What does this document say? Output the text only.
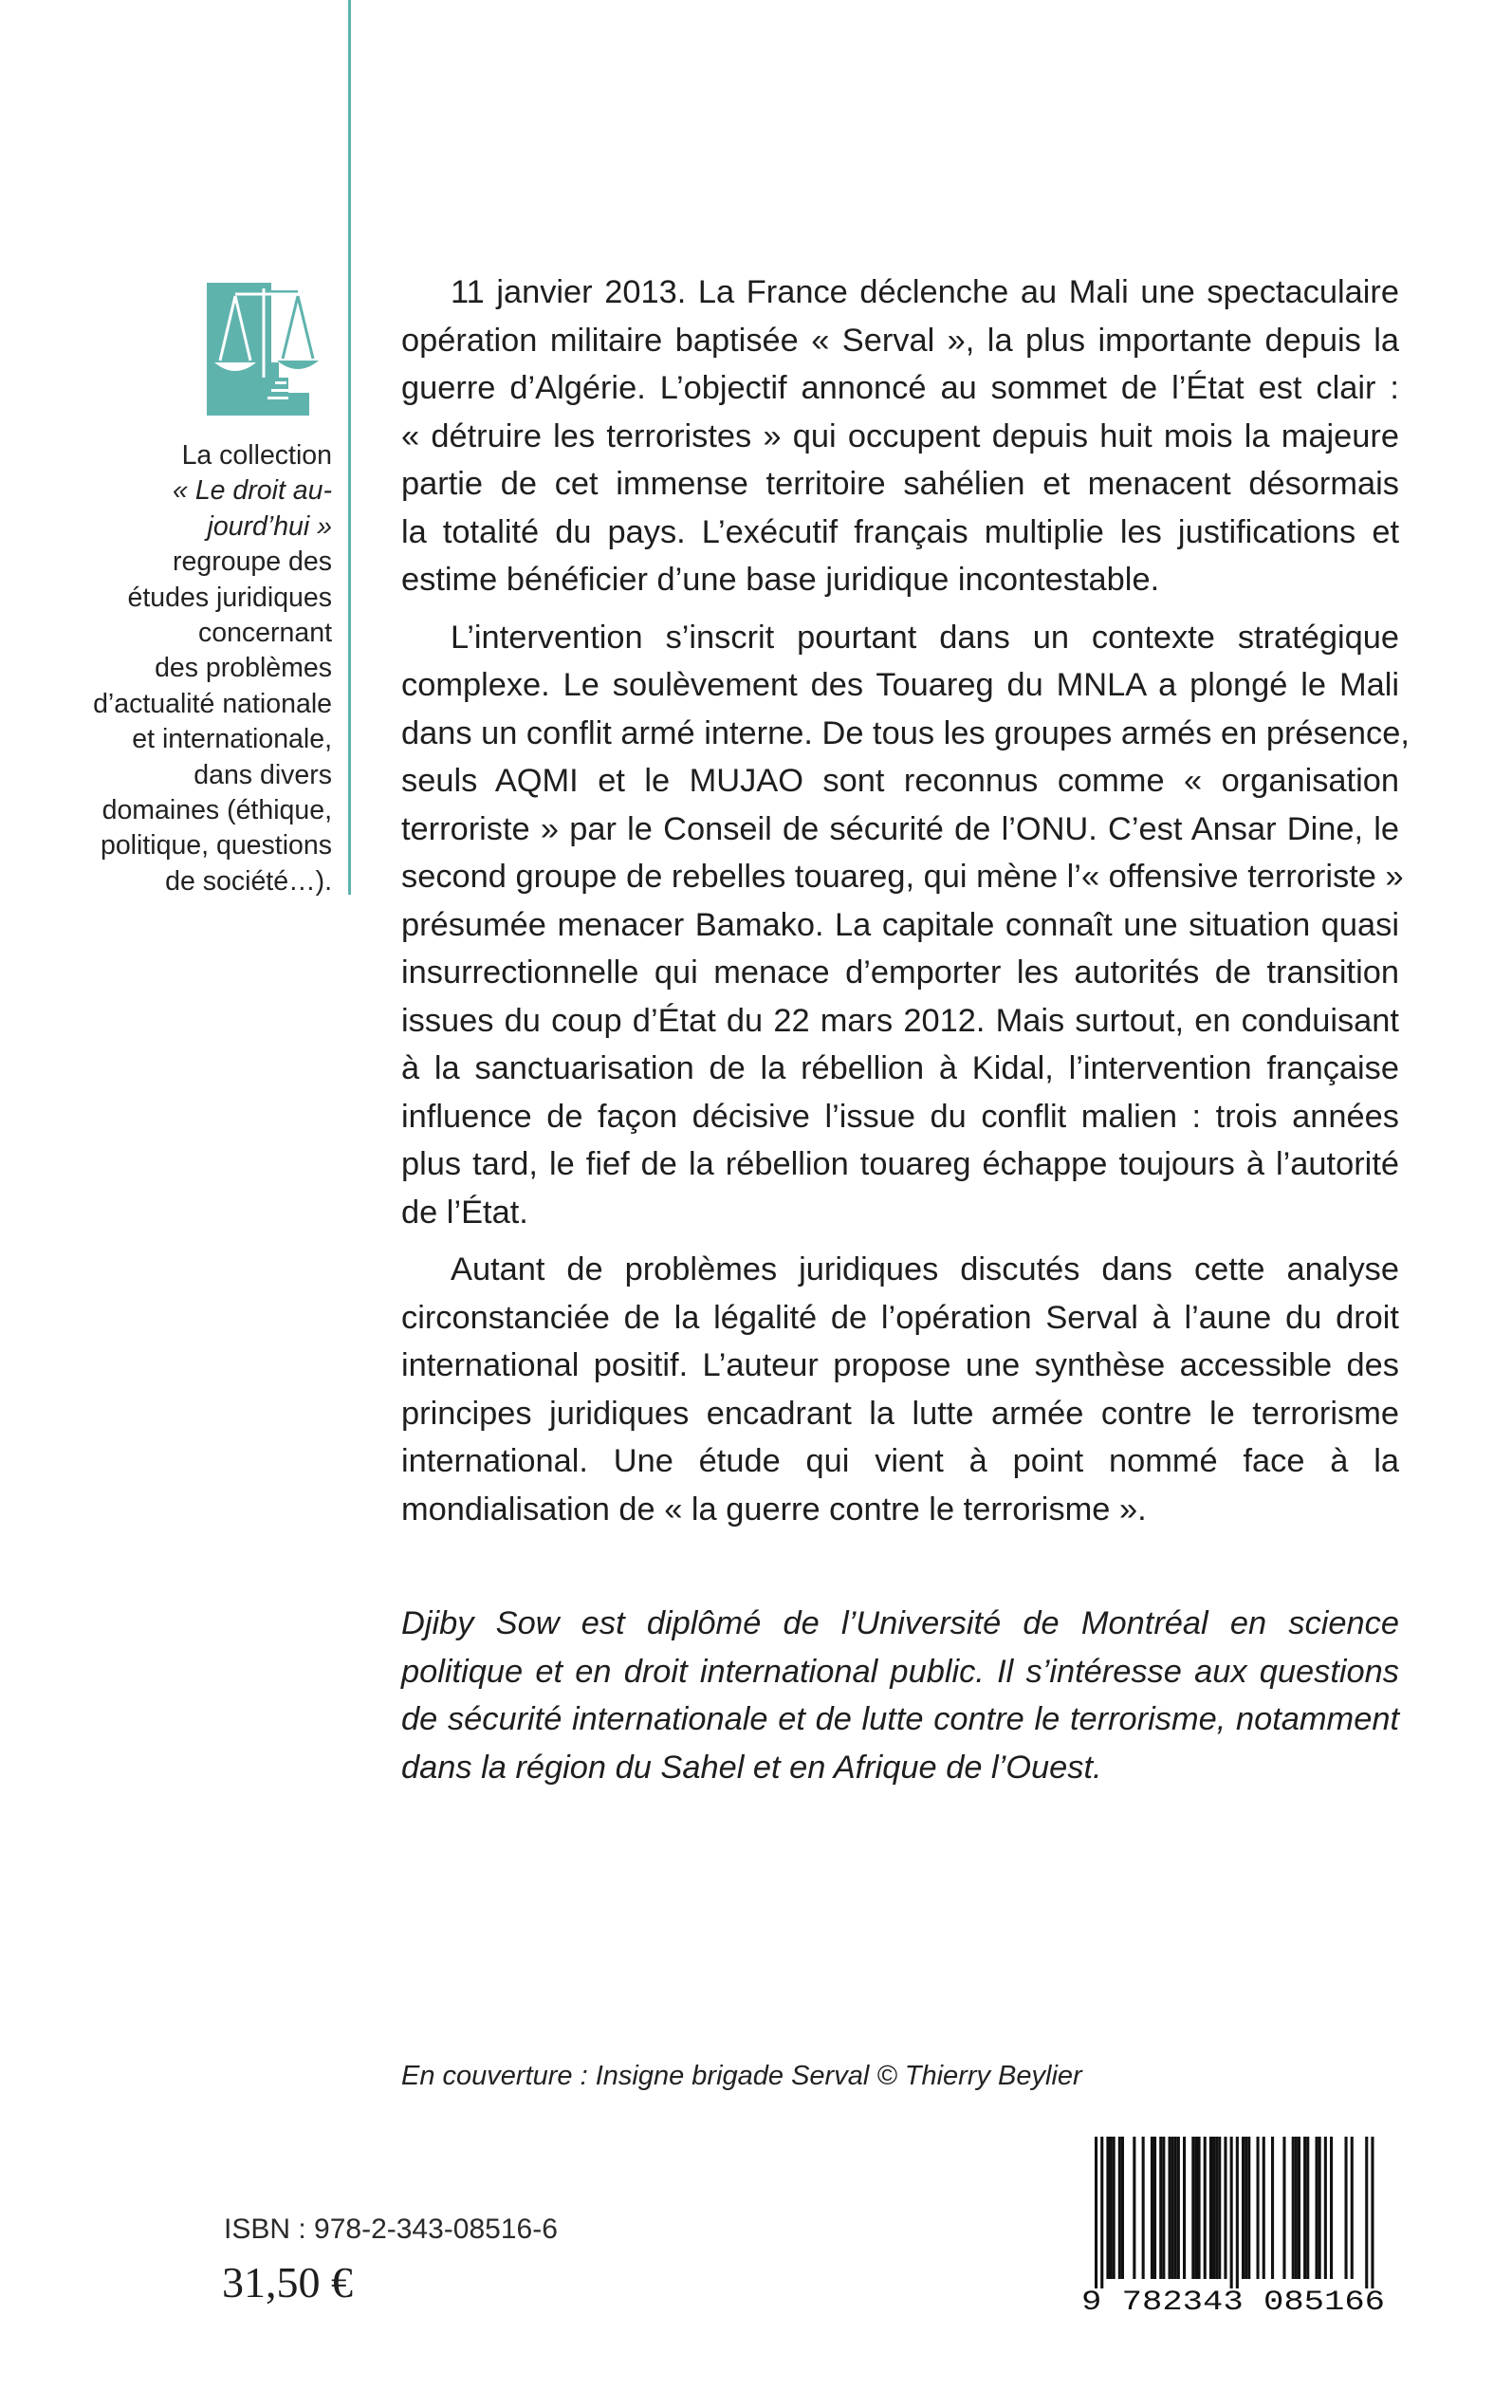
La collection
« Le droit au-
jourd’hui »
regroupe des
études juridiques
concernant
des problèmes
d’actualité nationale
et internationale,
dans divers
domaines (éthique,
politique, questions
de société…).

11 janvier 2013. La France déclenche au Mali une spectaculaire
opération militaire baptisée « Serval », la plus importante depuis la
guerre d’Algérie. L’objectif annoncé au sommet de l’État est clair :
« détruire les terroristes » qui occupent depuis huit mois la majeure
partie de cet immense territoire sahélien et menacent désormais
la totalité du pays. L’exécutif français multiplie les justifications et
estime bénéficier d’une base juridique incontestable.

L’intervention s’inscrit pourtant dans un contexte stratégique
complexe. Le soulèvement des Touareg du MNLA a plongé le Mali
dans un conflit armé interne. De tous les groupes armés en présence,
seuls AQMI et le MUJAO sont reconnus comme « organisation
terroriste » par le Conseil de sécurité de l’ONU. C’est Ansar Dine, le
second groupe de rebelles touareg, qui mène l’« offensive terroriste »
présumée menacer Bamako. La capitale connaît une situation quasi
insurrectionnelle qui menace d’emporter les autorités de transition
issues du coup d’État du 22 mars 2012. Mais surtout, en conduisant
à la sanctuarisation de la rébellion à Kidal, l’intervention française
influence de façon décisive l’issue du conflit malien : trois années
plus tard, le fief de la rébellion touareg échappe toujours à l’autorité
de l’État.

Autant de problèmes juridiques discutés dans cette analyse
circonstanciée de la légalité de l’opération Serval à l’aune du droit
international positif. L’auteur propose une synthèse accessible des
principes juridiques encadrant la lutte armée contre le terrorisme
international. Une étude qui vient à point nommé face à la
mondialisation de « la guerre contre le terrorisme ».

Djiby Sow est diplômé de l’Université de Montréal en science
politique et en droit international public. Il s’intéresse aux questions
de sécurité internationale et de lutte contre le terrorisme, notamment
dans la région du Sahel et en Afrique de l’Ouest.
En couverture : Insigne brigade Serval © Thierry Beylier
ISBN : 978-2-343-08516-6
31,50 €	9 782343 085166
